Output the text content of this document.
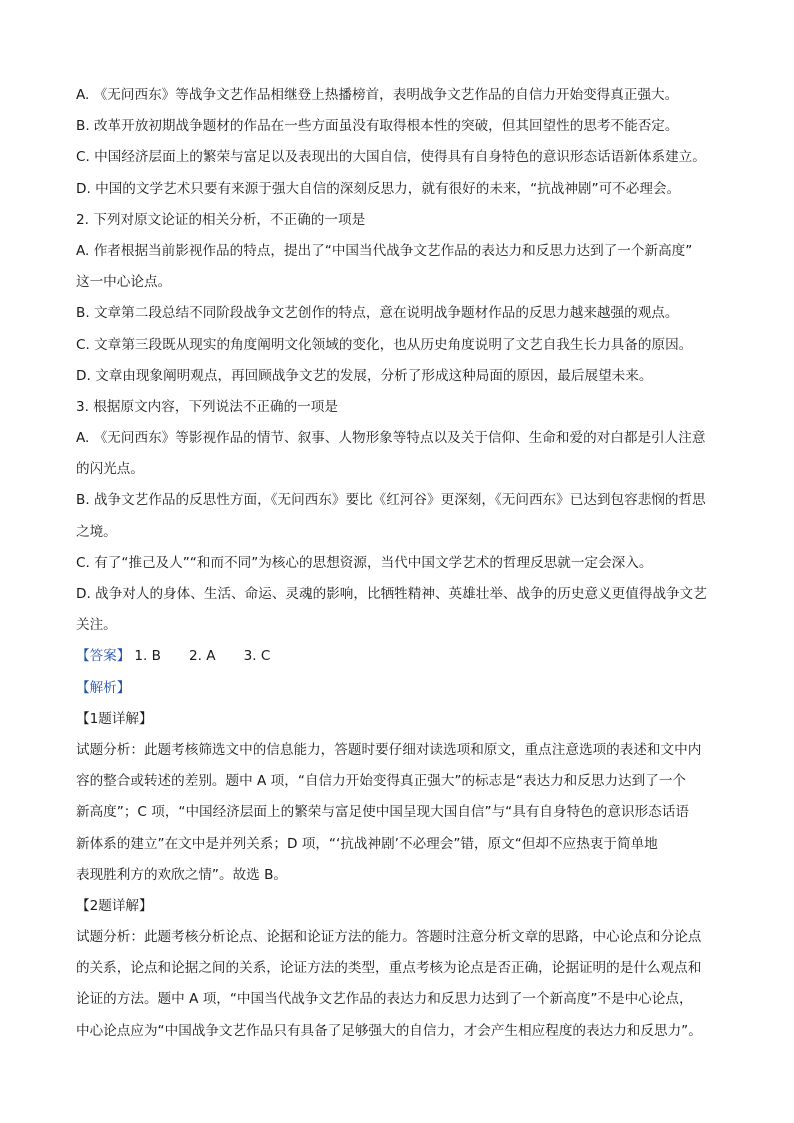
A. 《无问西东》等战争文艺作品相继登上热播榜首，表明战争文艺作品的自信力开始变得真正强大。
B. 改革开放初期战争题材的作品在一些方面虽没有取得根本性的突破，但其回望性的思考不能否定。
C. 中国经济层面上的繁荣与富足以及表现出的大国自信，使得具有自身特色的意识形态话语新体系建立。
D. 中国的文学艺术只要有来源于强大自信的深刻反思力，就有很好的未来，“抗战神剧”可不必理会。
2. 下列对原文论证的相关分析，不正确的一项是
A. 作者根据当前影视作品的特点，提出了“中国当代战争文艺作品的表达力和反思力达到了一个新高度”
这一中心论点。
B. 文章第二段总结不同阶段战争文艺创作的特点，意在说明战争题材作品的反思力越来越强的观点。
C. 文章第三段既从现实的角度阐明文化领域的变化，也从历史角度说明了文艺自我生长力具备的原因。
D. 文章由现象阐明观点，再回顾战争文艺的发展，分析了形成这种局面的原因，最后展望未来。
3. 根据原文内容，下列说法不正确的一项是
A. 《无问西东》等影视作品的情节、叙事、人物形象等特点以及关于信仰、生命和爱的对白都是引人注意
的闪光点。
B. 战争文艺作品的反思性方面，《无问西东》要比《红河谷》更深刻，《无问西东》已达到包容悲悯的哲思
之境。
C. 有了“推己及人”“和而不同”为核心的思想资源，当代中国文学艺术的哲理反思就一定会深入。
D. 战争对人的身体、生活、命运、灵魂的影响，比牺牲精神、英雄壮举、战争的历史意义更值得战争文艺
关注。
【答案】 1. B 2. A 3. C
【解析】
【1题详解】
试题分析：此题考核筛选文中的信息能力，答题时要仔细对读选项和原文，重点注意选项的表述和文中内
容的整合或转述的差别。题中 A 项，“自信力开始变得真正强大”的标志是“表达力和反思力达到了一个
新高度”；C 项，“中国经济层面上的繁荣与富足使中国呈现大国自信”与“具有自身特色的意识形态话语
新体系的建立”在文中是并列关系；D 项，“‘抗战神剧’不必理会”错，原文“但却不应热衷于简单地
表现胜利方的欢欣之情”。故选 B。
【2题详解】
试题分析：此题考核分析论点、论据和论证方法的能力。答题时注意分析文章的思路，中心论点和分论点
的关系，论点和论据之间的关系，论证方法的类型，重点考核为论点是否正确，论据证明的是什么观点和
论证的方法。题中 A 项，“中国当代战争文艺作品的表达力和反思力达到了一个新高度”不是中心论点，
中心论点应为“中国战争文艺作品只有具备了足够强大的自信力，才会产生相应程度的表达力和反思力”。
